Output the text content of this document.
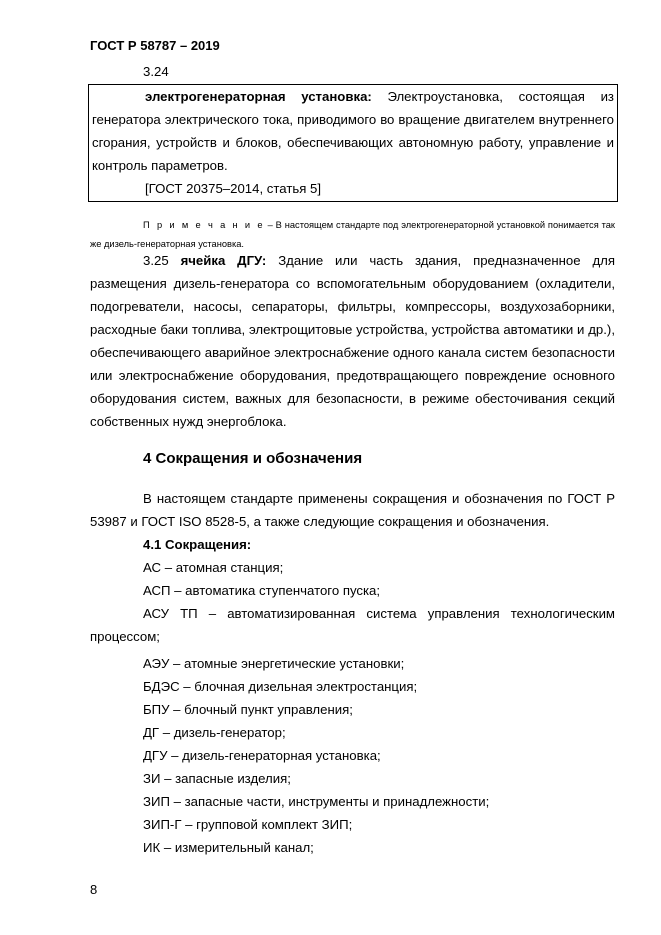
ГОСТ Р 58787 – 2019
3.24
электрогенераторная установка: Электроустановка, состоящая из генератора электрического тока, приводимого во вращение двигателем внутреннего сгорания, устройств и блоков, обеспечивающих автономную работу, управление и контроль параметров.
[ГОСТ 20375‒2014, статья 5]
П р и м е ч а н и е – В настоящем стандарте под электрогенераторной установкой понимается так же дизель-генераторная установка.
3.25 ячейка ДГУ: Здание или часть здания, предназначенное для размещения дизель-генератора со вспомогательным оборудованием (охладители, подогреватели, насосы, сепараторы, фильтры, компрессоры, воздухозаборники, расходные баки топлива, электрощитовые устройства, устройства автоматики и др.), обеспечивающего аварийное электроснабжение одного канала систем безопасности или электроснабжение оборудования, предотвращающего повреждение основного оборудования систем, важных для безопасности, в режиме обесточивания секций собственных нужд энергоблока.
4 Сокращения и обозначения
В настоящем стандарте применены сокращения и обозначения по ГОСТ Р 53987 и ГОСТ ISO 8528-5, а также следующие сокращения и обозначения.
4.1 Сокращения:
АС – атомная станция;
АСП – автоматика ступенчатого пуска;
АСУ ТП – автоматизированная система управления технологическим процессом;
АЭУ – атомные энергетические установки;
БДЭС – блочная дизельная электростанция;
БПУ – блочный пункт управления;
ДГ – дизель-генератор;
ДГУ – дизель-генераторная установка;
ЗИ – запасные изделия;
ЗИП – запасные части, инструменты и принадлежности;
ЗИП-Г – групповой комплект ЗИП;
ИК – измерительный канал;
8
